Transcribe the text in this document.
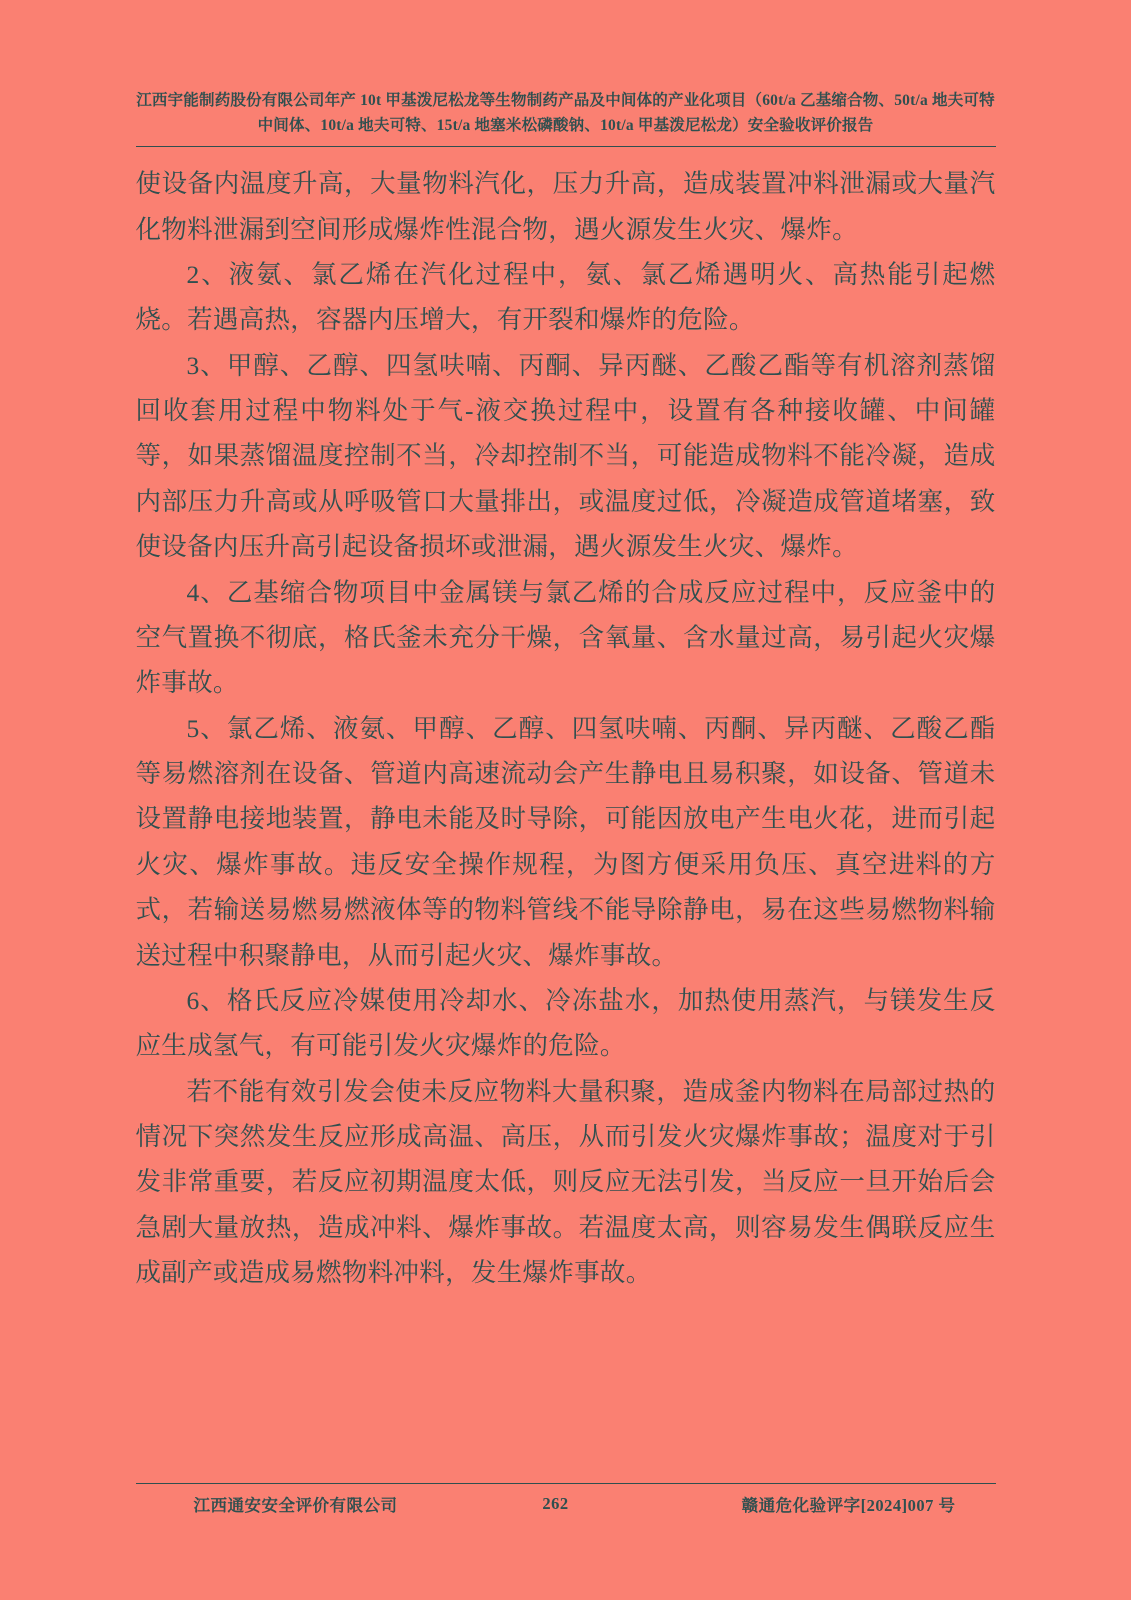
江西宇能制药股份有限公司年产 10t 甲基泼尼松龙等生物制药产品及中间体的产业化项目（60t/a 乙基缩合物、50t/a 地夫可特中间体、10t/a 地夫可特、15t/a 地塞米松磷酸钠、10t/a 甲基泼尼松龙）安全验收评价报告

使设备内温度升高，大量物料汽化，压力升高，造成装置冲料泄漏或大量汽化物料泄漏到空间形成爆炸性混合物，遇火源发生火灾、爆炸。

2、液氨、氯乙烯在汽化过程中，氨、氯乙烯遇明火、高热能引起燃烧。若遇高热，容器内压增大，有开裂和爆炸的危险。

3、甲醇、乙醇、四氢呋喃、丙酮、异丙醚、乙酸乙酯等有机溶剂蒸馏回收套用过程中物料处于气-液交换过程中，设置有各种接收罐、中间罐等，如果蒸馏温度控制不当，冷却控制不当，可能造成物料不能冷凝，造成内部压力升高或从呼吸管口大量排出，或温度过低，冷凝造成管道堵塞，致使设备内压升高引起设备损坏或泄漏，遇火源发生火灾、爆炸。

4、乙基缩合物项目中金属镁与氯乙烯的合成反应过程中，反应釜中的空气置换不彻底，格氏釜未充分干燥，含氧量、含水量过高，易引起火灾爆炸事故。

5、氯乙烯、液氨、甲醇、乙醇、四氢呋喃、丙酮、异丙醚、乙酸乙酯等易燃溶剂在设备、管道内高速流动会产生静电且易积聚，如设备、管道未设置静电接地装置，静电未能及时导除，可能因放电产生电火花，进而引起火灾、爆炸事故。违反安全操作规程，为图方便采用负压、真空进料的方式，若输送易燃易燃液体等的物料管线不能导除静电，易在这些易燃物料输送过程中积聚静电，从而引起火灾、爆炸事故。

6、格氏反应冷媒使用冷却水、冷冻盐水，加热使用蒸汽，与镁发生反应生成氢气，有可能引发火灾爆炸的危险。

若不能有效引发会使未反应物料大量积聚，造成釜内物料在局部过热的情况下突然发生反应形成高温、高压，从而引发火灾爆炸事故；温度对于引发非常重要，若反应初期温度太低，则反应无法引发，当反应一旦开始后会急剧大量放热，造成冲料、爆炸事故。若温度太高，则容易发生偶联反应生成副产或造成易燃物料冲料，发生爆炸事故。

江西通安安全评价有限公司	262	赣通危化验评字[2024]007 号
